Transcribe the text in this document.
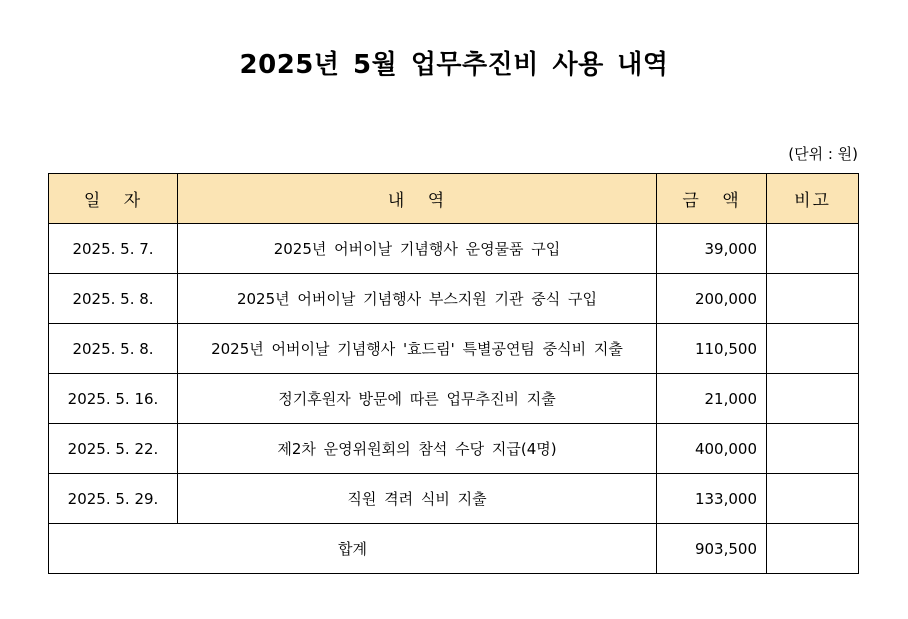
2025년 5월 업무추진비 사용 내역
(단위 : 원)
일 자	내 역	금 액	비고
2025. 5. 7.	2025년 어버이날 기념행사 운영물품 구입	39,000	
2025. 5. 8.	2025년 어버이날 기념행사 부스지원 기관 중식 구입	200,000	
2025. 5. 8.	2025년 어버이날 기념행사 '효드림' 특별공연팀 중식비 지출	110,500	
2025. 5. 16.	정기후원자 방문에 따른 업무추진비 지출	21,000	
2025. 5. 22.	제2차 운영위원회의 참석 수당 지급(4명)	400,000	
2025. 5. 29.	직원 격려 식비 지출	133,000	
합계		903,500	
